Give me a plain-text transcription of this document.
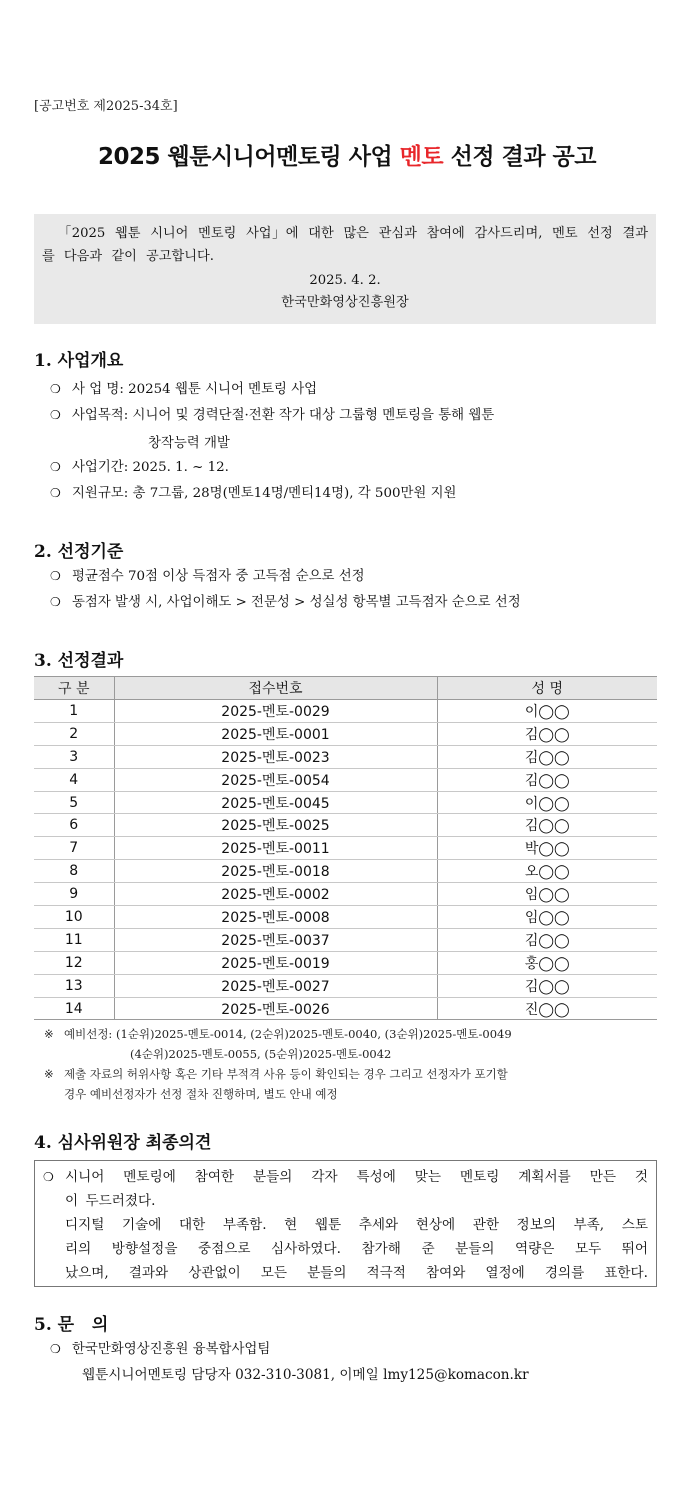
[공고번호 제2025-34호]
2025 웹툰시니어멘토링 사업 멘토 선정 결과 공고
「2025 웹툰 시니어 멘토링 사업」에 대한 많은 관심과 참여에 감사드리며, 멘토 선정 결과를 다음과 같이 공고합니다.
2025. 4. 2.
한국만화영상진흥원장
1. 사업개요
❍ 사 업 명: 20254 웹툰 시니어 멘토링 사업
❍ 사업목적: 시니어 및 경력단절·전환 작가 대상 그룹형 멘토링을 통해 웹툰
창작능력 개발
❍ 사업기간: 2025. 1. ~ 12.
❍ 지원규모: 총 7그룹, 28명(멘토14명/멘티14명), 각 500만원 지원
2. 선정기준
❍ 평균점수 70점 이상 득점자 중 고득점 순으로 선정
❍ 동점자 발생 시, 사업이해도 > 전문성 > 성실성 항목별 고득점자 순으로 선정
3. 선정결과
구 분	접수번호	성 명
1	2025-멘토-0029	이◯◯
2	2025-멘토-0001	김◯◯
3	2025-멘토-0023	김◯◯
4	2025-멘토-0054	김◯◯
5	2025-멘토-0045	이◯◯
6	2025-멘토-0025	김◯◯
7	2025-멘토-0011	박◯◯
8	2025-멘토-0018	오◯◯
9	2025-멘토-0002	임◯◯
10	2025-멘토-0008	임◯◯
11	2025-멘토-0037	김◯◯
12	2025-멘토-0019	홍◯◯
13	2025-멘토-0027	김◯◯
14	2025-멘토-0026	진◯◯
※ 예비선정: (1순위)2025-멘토-0014, (2순위)2025-멘토-0040, (3순위)2025-멘토-0049
(4순위)2025-멘토-0055, (5순위)2025-멘토-0042
※ 제출 자료의 허위사항 혹은 기타 부적격 사유 등이 확인되는 경우 그리고 선정자가 포기할
경우 예비선정자가 선정 절차 진행하며, 별도 안내 예정
4. 심사위원장 최종의견
❍ 시니어 멘토링에 참여한 분들의 각자 특성에 맞는 멘토링 계획서를 만든 것
이 두드러졌다.
디지털 기술에 대한 부족함. 현 웹툰 추세와 현상에 관한 정보의 부족, 스토
리의 방향설정을 중점으로 심사하였다. 참가해 준 분들의 역량은 모두 뛰어
났으며, 결과와 상관없이 모든 분들의 적극적 참여와 열정에 경의를 표한다.
5. 문   의
❍ 한국만화영상진흥원 융복합사업팀
웹툰시니어멘토링 담당자 032-310-3081, 이메일 lmy125@komacon.kr
